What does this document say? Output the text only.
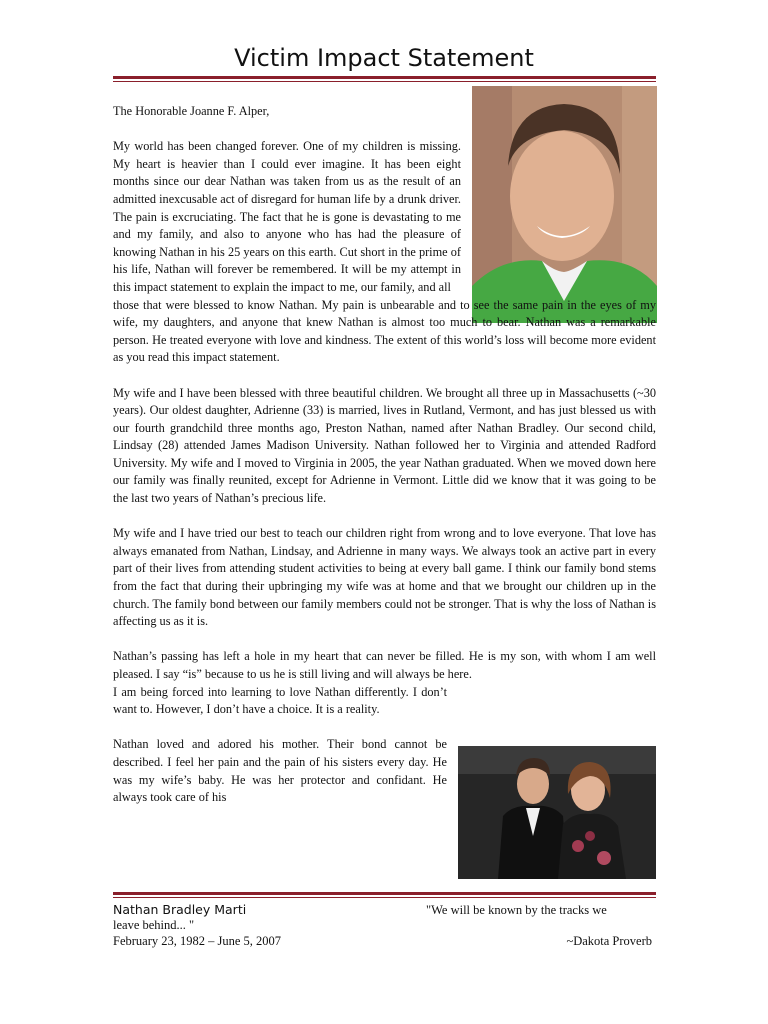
Victim Impact Statement

The Honorable Joanne F. Alper,

My world has been changed forever. One of my children is missing. My heart is heavier than I could ever imagine. It has been eight months since our dear Nathan was taken from us as the result of an admitted inexcusable act of disregard for human life by a drunk driver. The pain is excruciating. The fact that he is gone is devastating to me and my family, and also to anyone who has had the pleasure of knowing Nathan in his 25 years on this earth. Cut short in the prime of his life, Nathan will forever be remembered. It will be my attempt in this impact statement to explain the impact to me, our family, and all

those that were blessed to know Nathan. My pain is unbearable and to see the same pain in the eyes of my wife, my daughters, and anyone that knew Nathan is almost too much to bear. Nathan was a remarkable person. He treated everyone with love and kindness. The extent of this world’s loss will become more evident as you read this impact statement.

My wife and I have been blessed with three beautiful children. We brought all three up in Massachusetts (~30 years). Our oldest daughter, Adrienne (33) is married, lives in Rutland, Vermont, and has just blessed us with our fourth grandchild three months ago, Preston Nathan, named after Nathan Bradley. Our second child, Lindsay (28) attended James Madison University. Nathan followed her to Virginia and attended Radford University. My wife and I moved to Virginia in 2005, the year Nathan graduated. When we moved down here our family was finally reunited, except for Adrienne in Vermont. Little did we know that it was going to be the last two years of Nathan’s precious life.

My wife and I have tried our best to teach our children right from wrong and to love everyone. That love has always emanated from Nathan, Lindsay, and Adrienne in many ways. We always took an active part in every part of their lives from attending student activities to being at every ball game. I think our family bond stems from the fact that during their upbringing my wife was at home and that we brought our children up in the church. The family bond between our family members could not be stronger. That is why the loss of Nathan is affecting us as it is.

Nathan’s passing has left a hole in my heart that can never be filled. He is my son, with whom I am well pleased. I say “is” because to us he is still living and will always be here.

I am being forced into learning to love Nathan differently. I don’t want to. However, I don’t have a choice. It is a reality.

Nathan loved and adored his mother. Their bond cannot be described. I feel her pain and the pain of his sisters every day. He was my wife’s baby. He was her protector and confidant. He always took care of his

Nathan Bradley Marti	"We will be known by the tracks we
leave behind... "
February 23, 1982 – June 5, 2007	~Dakota Proverb
